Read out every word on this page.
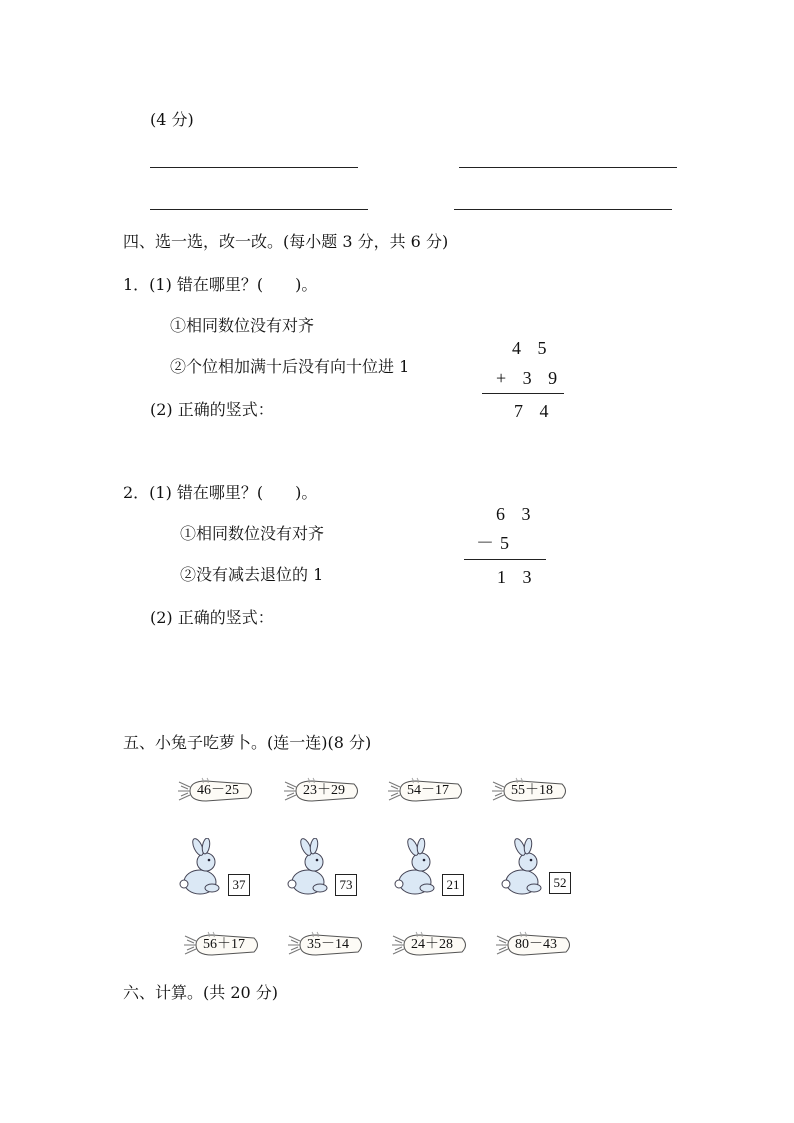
(4 分)
四、选一选，改一改。(每小题 3 分，共 6 分)
1．(1) 错在哪里？(　　)。
①相同数位没有对齐
②个位相加满十后没有向十位进 1
(2) 正确的竖式：
4 5
+ 3 9
7 4
2．(1) 错在哪里？(　　)。
①相同数位没有对齐
②没有减去退位的 1
(2) 正确的竖式：
6 3
－5
1 3
五、小兔子吃萝卜。(连一连)(8 分)
46－25	23＋29	54－17	55＋18
37	73	21	52
56＋17	35－14	24＋28	80－43
六、计算。(共 20 分)
